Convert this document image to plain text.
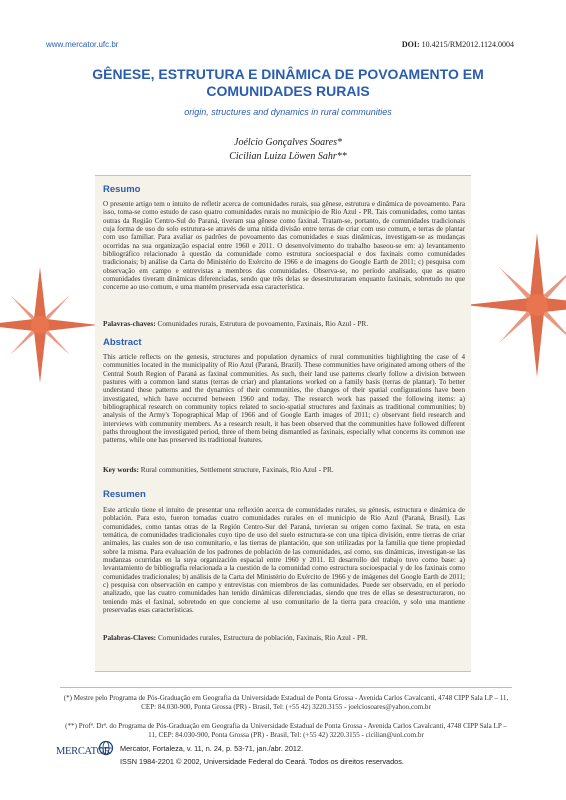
www.mercator.ufc.br	DOI: 10.4215/RM2012.1124.0004
GÊNESE, ESTRUTURA E DINÂMICA DE POVOAMENTO EM COMUNIDADES RURAIS
origin, structures and dynamics in rural communities
Joélcio Gonçalves Soares*
Cicilian Luiza Löwen Sahr**
Resumo
O presente artigo tem o intuito de refletir acerca de comunidades rurais, sua gênese, estrutura e dinâmica de povoamento. Para isso, toma-se como estudo de caso quatro comunidades rurais no município de Rio Azul - PR. Tais comunidades, como tantas outras da Região Centro-Sul do Paraná, tiveram sua gênese como faxinal. Tratam-se, portanto, de comunidades tradicionais cuja forma de uso do solo estrutura-se através de uma nítida divisão entre terras de criar com uso comum, e terras de plantar com uso familiar. Para avaliar os padrões de povoamento das comunidades e suas dinâmicas, investigam-se as mudanças ocorridas na sua organização espacial entre 1960 e 2011. O desenvolvimento do trabalho baseou-se em: a) levantamento bibliográfico relacionado à questão da comunidade como estrutura socioespacial e dos faxinais como comunidades tradicionais; b) análise da Carta do Ministério do Exército de 1966 e de imagens do Google Earth de 2011; c) pesquisa com observação em campo e entrevistas a membros das comunidades. Observa-se, no período analisado, que as quatro comunidades tiveram dinâmicas diferenciadas, sendo que três delas se desestruturaram enquanto faxinais, sobretudo no que concerne ao uso comum, e uma mantém preservada essa característica.
Palavras-chaves: Comunidades rurais, Estrutura de povoamento, Faxinais, Rio Azul - PR.
Abstract
This article reflects on the genesis, structures and population dynamics of rural communities highlighting the case of 4 communities located in the municipality of Rio Azul (Paraná, Brazil). These communities have originated among others of the Central South Region of Paraná as faxinal communities. As such, their land use patterns clearly follow a division between pastures with a common land status (terras de criar) and plantations worked on a family basis (terras de plantar). To better understand these patterns and the dynamics of their communities, the changes of their spatial configurations have been investigated, which have occurred between 1960 and today. The research work has passed the following items: a) bibliographical research on community topics related to socio-spatial structures and faxinais as traditional communities; b) analysis of the Army's Topographical Map of 1966 and of Google Earth images of 2011; c) observant field research and interviews with community members. As a research result, it has been observed that the communities have followed different paths throughout the investigated period, three of them being dismantled as faxinais, especially what concerns its common use patterns, while one has preserved its traditional features.
Key words: Rural communities, Settlement structure, Faxinais, Rio Azul - PR.
Resumen
Este artículo tiene el intuito de presentar una reflexión acerca de comunidades rurales, su génesis, estructura e dinámica de población. Para esto, fueron tomadas cuatro comunidades rurales en el municipio de Rio Azul (Paraná, Brasil). Las comunidades, como tantas otras de la Región Centro-Sur del Paraná, tuvieran su origen como faxinal. Se trata, en esta temática, de comunidades tradicionales cuyo tipo de uso del suelo estructura-se con una típica división, entre tierras de criar animales, las cuales son de uso comunitario, e las tierras de plantación, que son utilizadas por la familia que tiene propiedad sobre la misma. Para evaluación de los padrones de población de las comunidades, así como, sus dinámicas, investigan-se las mudanzas ocurridas en la suya organización espacial entre 1960 y 2011. El desarrollo del trabajo tuvo como base: a) levantamiento de bibliografía relacionada a la cuestión de la comunidad como estructura socioespacial y de los faxinais como comunidades tradicionales; b) análisis de la Carta del Ministério do Exército de 1966 y de imágenes del Google Earth de 2011; c) pesquisa con observación en campo y entrevistas con miembros de las comunidades. Puede ser observado, en el período analizado, que las cuatro comunidades han tenido dinámicas diferenciadas, siendo que tres de ellas se desestructuraron, no teniendo más el faxinal, sobretodo en que concierne al uso comunitario de la tierra para creación, y solo una mantiene preservadas esas características.
Palabras-Claves: Comunidades rurales, Estructura de población, Faxinais, Rio Azul - PR.
(*) Mestre pelo Programa de Pós-Graduação em Geografia da Universidade Estadual de Ponta Grossa - Avenida Carlos Cavalcanti, 4748 CIPP Sala LP – 11, CEP: 84.030-900, Ponta Grossa (PR) - Brasil, Tel: (+55 42) 3220.3155 - joelciosoares@yahoo.com.br
(**) Profª. Drª. do Programa de Pós-Graduação em Geografia da Universidade Estadual de Ponta Grossa - Avenida Carlos Cavalcanti, 4748 CIPP Sala LP – 11, CEP: 84.030-900, Ponta Grossa (PR) - Brasil, Tel: (+55 42) 3220.3155 - cicilian@uol.com.br
MERCATOR Mercator, Fortaleza, v. 11, n. 24, p. 53-71, jan./abr. 2012.
ISSN 1984-2201 © 2002, Universidade Federal do Ceará. Todos os direitos reservados.
